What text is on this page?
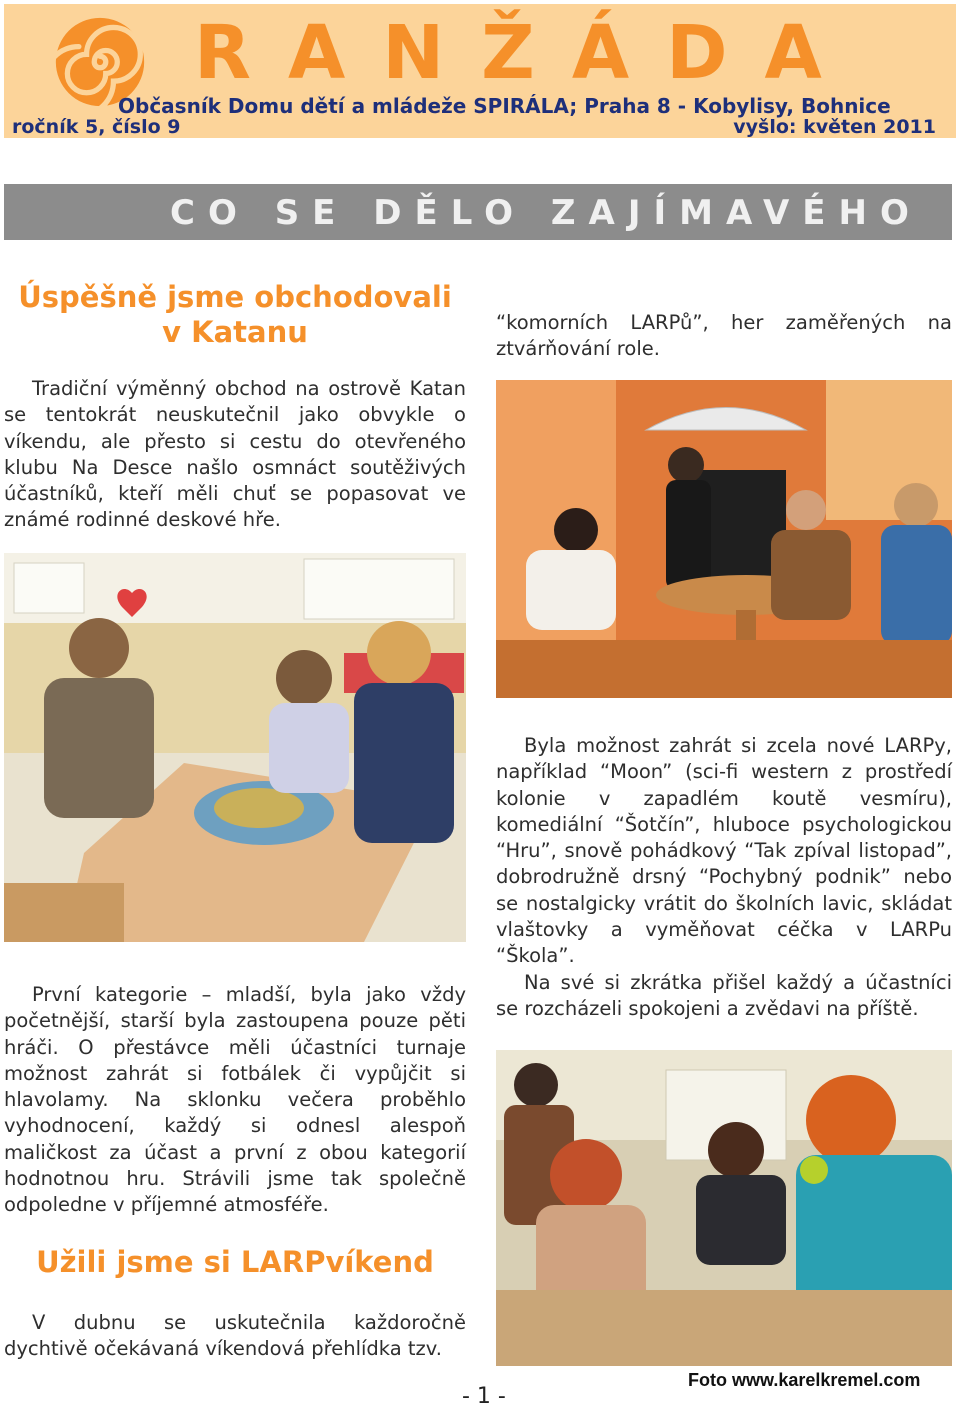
RANŽÁDA
Občasník Domu dětí a mládeže SPIRÁLA; Praha 8 - Kobylisy, Bohnice
ročník 5, číslo 9	vyšlo: květen 2011
CO SE DĚLO ZAJÍMAVÉHO
Úspěšně jsme obchodovali
v Katanu

Tradiční výměnný obchod na ostrově Katan se tentokrát neuskutečnil jako obvykle o víkendu, ale přesto si cestu do otevřeného klubu Na Desce našlo osmnáct soutěživých účastníků, kteří měli chuť se popasovat ve známé rodinné deskové hře.

První kategorie – mladší, byla jako vždy početnější, starší byla zastoupena pouze pěti hráči. O přestávce měli účastníci turnaje možnost zahrát si fotbálek či vypůjčit si hlavolamy. Na sklonku večera proběhlo vyhodnocení, každý si odnesl alespoň maličkost za účast a první z obou kategorií hodnotnou hru. Strávili jsme tak společně odpoledne v příjemné atmosféře.

Užili jsme si LARPvíkend

V dubnu se uskutečnila každoročně dychtivě očekávaná víkendová přehlídka tzv.

“komorních LARPů”, her zaměřených na ztvárňování role.

Byla možnost zahrát si zcela nové LARPy, například “Moon” (sci-fi western z prostředí kolonie v zapadlém koutě vesmíru), komediální “Šotčín”, hluboce psychologickou “Hru”, snově pohádkový “Tak zpíval listopad”, dobrodružně drsný “Pochybný podnik” nebo se nostalgicky vrátit do školních lavic, skládat vlaštovky a vyměňovat céčka v LARPu “Škola”.

Na své si zkrátka přišel každý a účastníci se rozcházeli spokojeni a zvědavi na příště.

- 1 -
Foto www.karelkremel.com
